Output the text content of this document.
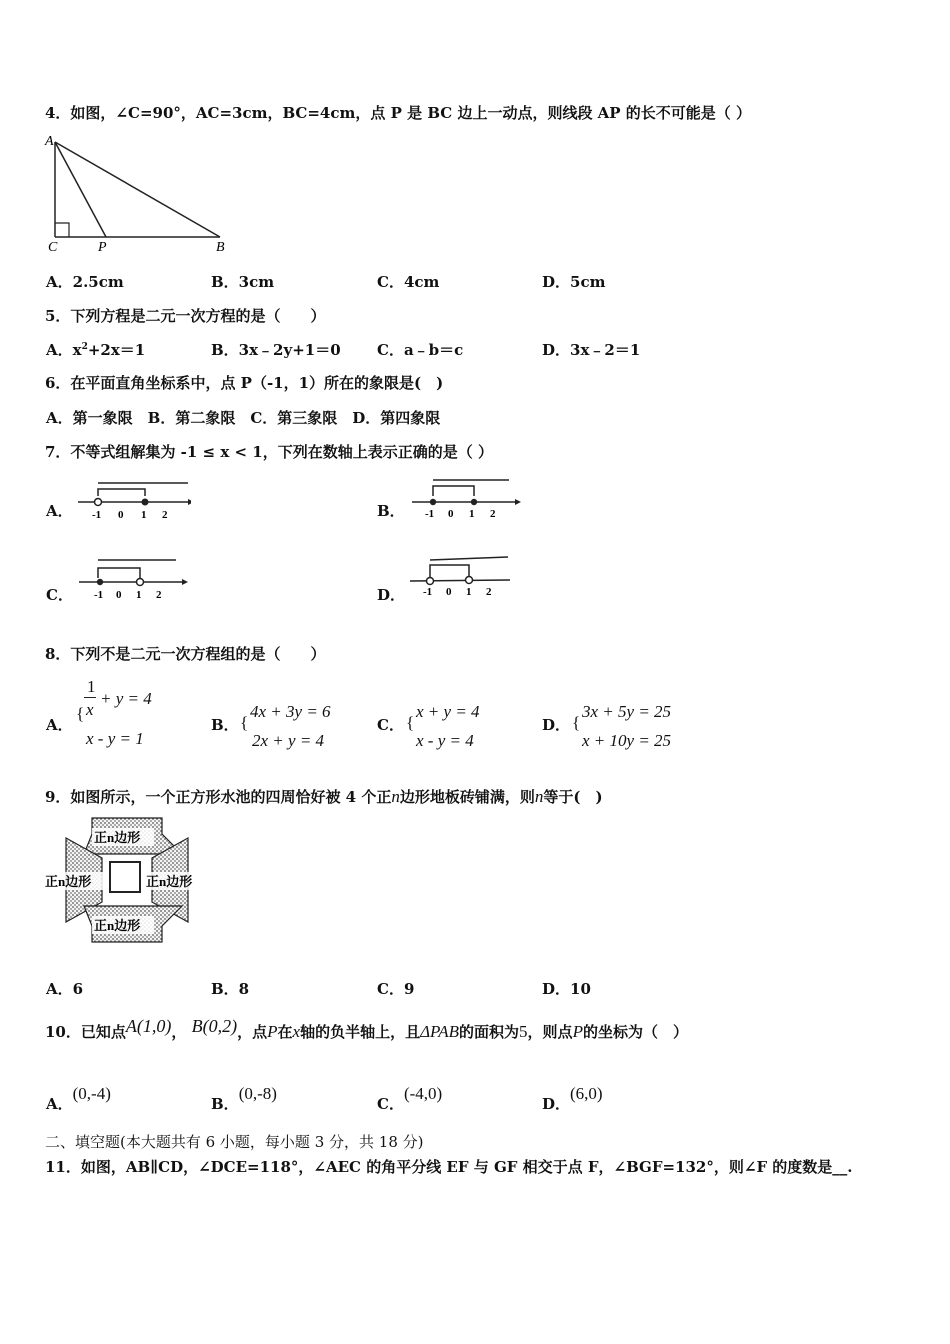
4．如图，∠C=90°，AC=3cm，BC=4cm，点 P 是 BC 边上一动点，则线段 AP 的长不可能是（ ）
A
C	P	B
A．2.5cm	B．3cm	C．4cm	D．5cm
5．下列方程是二元一次方程的是（　　）
A．$x^2+2x=1$	B．3x﹣2y+1＝0 C．a﹣b＝c	D．3x﹣2＝1
6．在平面直角坐标系中，点 P（-1，1）所在的象限是(　)
A．第一象限　B．第二象限　C．第三象限　D．第四象限
7．不等式组解集为 -1 ≤ x < 1，下列在数轴上表示正确的是（ ）
A． -1 0 1 2	B． -1 0 1 2
C． -1 0 1 2	D． -1 0 1 2
8．下列不是二元一次方程组的是（　　）
A．
{
1
x
+ y = 4
x - y = 1
B． {
4x + 3y = 6
2x + y = 4
C． {
x + y = 4
x - y = 4
D． {
3x + 5y = 25
x + 10y = 25
9．如图所示，一个正方形水池的四周恰好被 4 个正n边形地板砖铺满，则n等于(　)
正n边形
正n边形	正n边形
正n边形
A．6	B．8	C．9	D．10
10．已知点A(1,0)， B(0,2)，点P在x轴的负半轴上，且ΔPAB的面积为5，则点P的坐标为（　）
A．(0,-4)
B．(0,-8)
C．(-4,0)
D．(6,0)
二、填空题(本大题共有 6 小题，每小题 3 分，共 18 分)
11．如图，AB∥CD，∠DCE=118°，∠AEC 的角平分线 EF 与 GF 相交于点 F，∠BGF=132°，则∠F 的度数是__.
